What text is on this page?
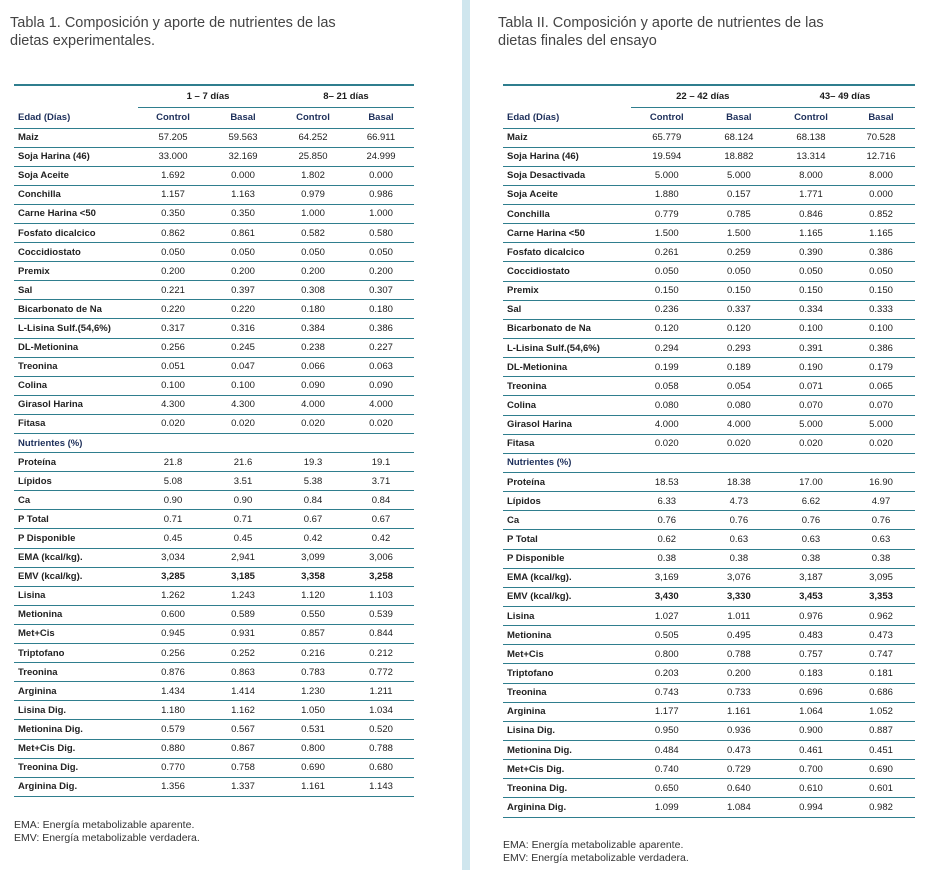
Tabla 1. Composición y aporte de nutrientes de las
dietas experimentales.
	1 – 7 días		8– 21 días	
Edad (Días)	Control	Basal	Control	Basal
Maiz	57.205	59.563	64.252	66.911
Soja Harina (46)	33.000	32.169	25.850	24.999
Soja Aceite	1.692	0.000	1.802	0.000
Conchilla	1.157	1.163	0.979	0.986
Carne Harina <50	0.350	0.350	1.000	1.000
Fosfato dicalcico	0.862	0.861	0.582	0.580
Coccidiostato	0.050	0.050	0.050	0.050
Premix	0.200	0.200	0.200	0.200
Sal	0.221	0.397	0.308	0.307
Bicarbonato de Na	0.220	0.220	0.180	0.180
L-Lisina Sulf.(54,6%)	0.317	0.316	0.384	0.386
DL-Metionina	0.256	0.245	0.238	0.227
Treonina	0.051	0.047	0.066	0.063
Colina	0.100	0.100	0.090	0.090
Girasol Harina	4.300	4.300	4.000	4.000
Fitasa	0.020	0.020	0.020	0.020
Nutrientes (%)				
Proteína	21.8	21.6	19.3	19.1
Lípidos	5.08	3.51	5.38	3.71
Ca	0.90	0.90	0.84	0.84
P Total	0.71	0.71	0.67	0.67
P Disponible	0.45	0.45	0.42	0.42
EMA (kcal/kg).	3,034	2,941	3,099	3,006
EMV (kcal/kg).	3,285	3,185	3,358	3,258
Lisina	1.262	1.243	1.120	1.103
Metionina	0.600	0.589	0.550	0.539
Met+Cis	0.945	0.931	0.857	0.844
Triptofano	0.256	0.252	0.216	0.212
Treonina	0.876	0.863	0.783	0.772
Arginina	1.434	1.414	1.230	1.211
Lisina Dig.	1.180	1.162	1.050	1.034
Metionina Dig.	0.579	0.567	0.531	0.520
Met+Cis Dig.	0.880	0.867	0.800	0.788
Treonina Dig.	0.770	0.758	0.690	0.680
Arginina Dig.	1.356	1.337	1.161	1.143
EMA: Energía metabolizable aparente.
EMV: Energía metabolizable verdadera.
Tabla II. Composición y aporte de nutrientes de las
dietas finales del ensayo
	22 – 42 días		43– 49 días	
Edad (Días)	Control	Basal	Control	Basal
Maiz	65.779	68.124	68.138	70.528
Soja Harina (46)	19.594	18.882	13.314	12.716
Soja Desactivada	5.000	5.000	8.000	8.000
Soja Aceite	1.880	0.157	1.771	0.000
Conchilla	0.779	0.785	0.846	0.852
Carne Harina <50	1.500	1.500	1.165	1.165
Fosfato dicalcico	0.261	0.259	0.390	0.386
Coccidiostato	0.050	0.050	0.050	0.050
Premix	0.150	0.150	0.150	0.150
Sal	0.236	0.337	0.334	0.333
Bicarbonato de Na	0.120	0.120	0.100	0.100
L-Lisina Sulf.(54,6%)	0.294	0.293	0.391	0.386
DL-Metionina	0.199	0.189	0.190	0.179
Treonina	0.058	0.054	0.071	0.065
Colina	0.080	0.080	0.070	0.070
Girasol Harina	4.000	4.000	5.000	5.000
Fitasa	0.020	0.020	0.020	0.020
Nutrientes (%)				
Proteína	18.53	18.38	17.00	16.90
Lípidos	6.33	4.73	6.62	4.97
Ca	0.76	0.76	0.76	0.76
P Total	0.62	0.63	0.63	0.63
P Disponible	0.38	0.38	0.38	0.38
EMA (kcal/kg).	3,169	3,076	3,187	3,095
EMV (kcal/kg).	3,430	3,330	3,453	3,353
Lisina	1.027	1.011	0.976	0.962
Metionina	0.505	0.495	0.483	0.473
Met+Cis	0.800	0.788	0.757	0.747
Triptofano	0.203	0.200	0.183	0.181
Treonina	0.743	0.733	0.696	0.686
Arginina	1.177	1.161	1.064	1.052
Lisina Dig.	0.950	0.936	0.900	0.887
Metionina Dig.	0.484	0.473	0.461	0.451
Met+Cis Dig.	0.740	0.729	0.700	0.690
Treonina Dig.	0.650	0.640	0.610	0.601
Arginina Dig.	1.099	1.084	0.994	0.982
EMA: Energía metabolizable aparente.
EMV: Energía metabolizable verdadera.
